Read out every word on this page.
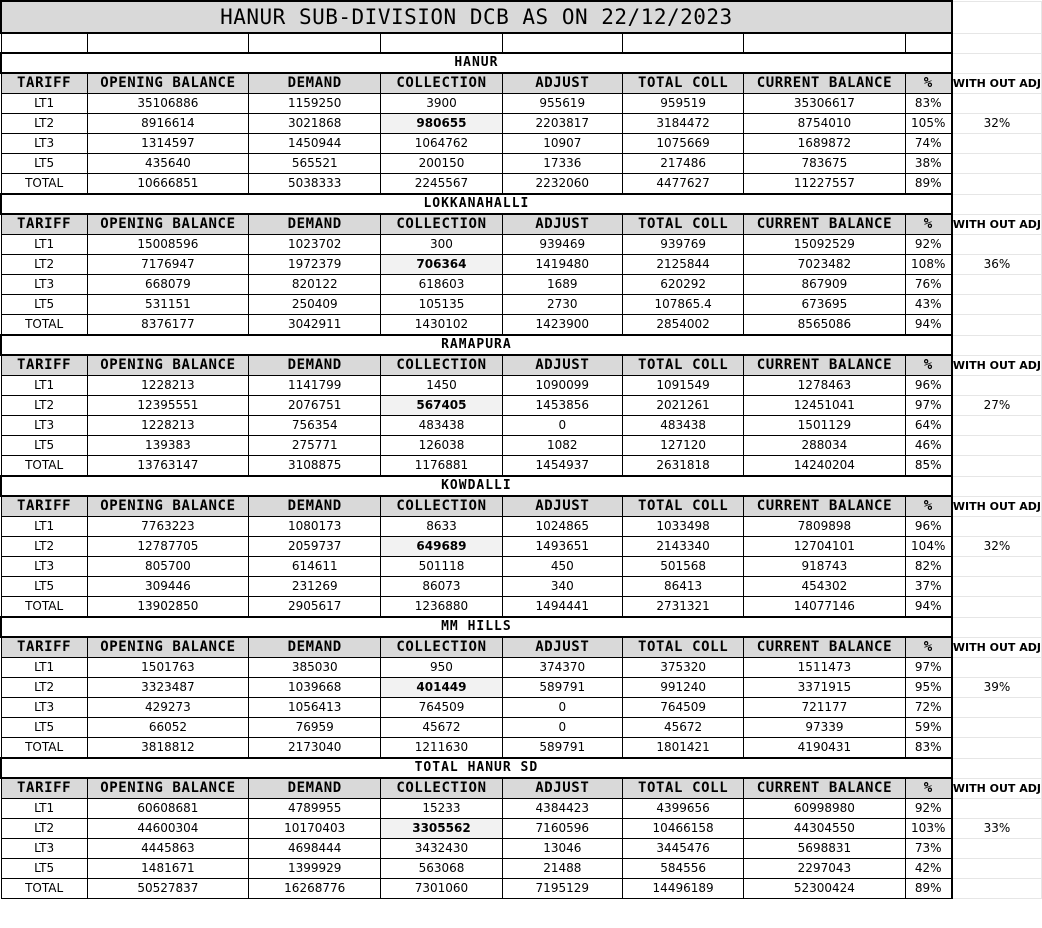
HANUR SUB-DIVISION DCB AS ON 22/12/2023								

HANUR								
TARIFF	OPENING BALANCE	DEMAND	COLLECTION	ADJUST	TOTAL COLL	CURRENT BALANCE	%	WITH OUT ADJ
LT1	35106886	1159250	3900	955619	959519	35306617	83%	
LT2	8916614	3021868	980655	2203817	3184472	8754010	105%	32%
LT3	1314597	1450944	1064762	10907	1075669	1689872	74%	
LT5	435640	565521	200150	17336	217486	783675	38%	
TOTAL	10666851	5038333	2245567	2232060	4477627	11227557	89%	
LOKKANAHALLI								
TARIFF	OPENING BALANCE	DEMAND	COLLECTION	ADJUST	TOTAL COLL	CURRENT BALANCE	%	WITH OUT ADJ
LT1	15008596	1023702	300	939469	939769	15092529	92%	
LT2	7176947	1972379	706364	1419480	2125844	7023482	108%	36%
LT3	668079	820122	618603	1689	620292	867909	76%	
LT5	531151	250409	105135	2730	107865.4	673695	43%	
TOTAL	8376177	3042911	1430102	1423900	2854002	8565086	94%	
RAMAPURA								
TARIFF	OPENING BALANCE	DEMAND	COLLECTION	ADJUST	TOTAL COLL	CURRENT BALANCE	%	WITH OUT ADJ
LT1	1228213	1141799	1450	1090099	1091549	1278463	96%	
LT2	12395551	2076751	567405	1453856	2021261	12451041	97%	27%
LT3	1228213	756354	483438	0	483438	1501129	64%	
LT5	139383	275771	126038	1082	127120	288034	46%	
TOTAL	13763147	3108875	1176881	1454937	2631818	14240204	85%	
KOWDALLI								
TARIFF	OPENING BALANCE	DEMAND	COLLECTION	ADJUST	TOTAL COLL	CURRENT BALANCE	%	WITH OUT ADJ
LT1	7763223	1080173	8633	1024865	1033498	7809898	96%	
LT2	12787705	2059737	649689	1493651	2143340	12704101	104%	32%
LT3	805700	614611	501118	450	501568	918743	82%	
LT5	309446	231269	86073	340	86413	454302	37%	
TOTAL	13902850	2905617	1236880	1494441	2731321	14077146	94%	
MM HILLS								
TARIFF	OPENING BALANCE	DEMAND	COLLECTION	ADJUST	TOTAL COLL	CURRENT BALANCE	%	WITH OUT ADJ
LT1	1501763	385030	950	374370	375320	1511473	97%	
LT2	3323487	1039668	401449	589791	991240	3371915	95%	39%
LT3	429273	1056413	764509	0	764509	721177	72%	
LT5	66052	76959	45672	0	45672	97339	59%	
TOTAL	3818812	2173040	1211630	589791	1801421	4190431	83%	
TOTAL HANUR SD								
TARIFF	OPENING BALANCE	DEMAND	COLLECTION	ADJUST	TOTAL COLL	CURRENT BALANCE	%	WITH OUT ADJ
LT1	60608681	4789955	15233	4384423	4399656	60998980	92%	
LT2	44600304	10170403	3305562	7160596	10466158	44304550	103%	33%
LT3	4445863	4698444	3432430	13046	3445476	5698831	73%	
LT5	1481671	1399929	563068	21488	584556	2297043	42%	
TOTAL	50527837	16268776	7301060	7195129	14496189	52300424	89%	
